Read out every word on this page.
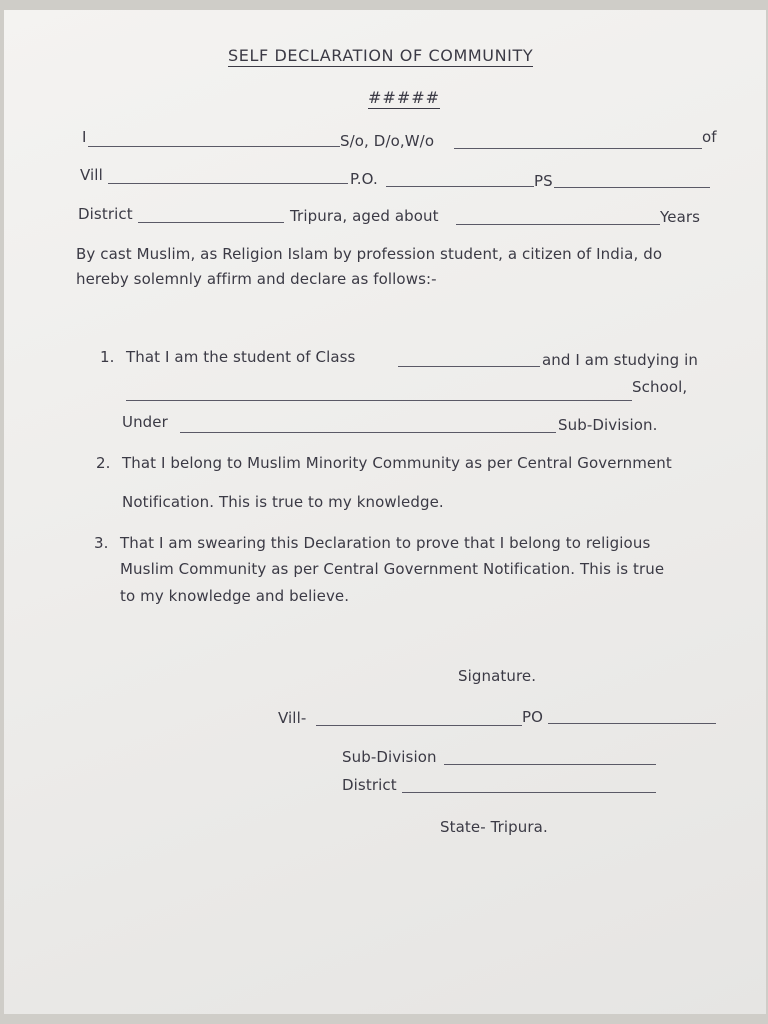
SELF DECLARATION OF COMMUNITY
#####
I	S/o, D/o,W/o	of
Vill	P.O.	PS
District	Tripura, aged about	Years
By cast Muslim, as Religion Islam by profession student, a citizen of India, do
hereby solemnly affirm and declare as follows:-
1. That I am the student of Class	and I am studying in
School,
Under	Sub-Division.
2. That I belong to Muslim Minority Community as per Central Government
Notification. This is true to my knowledge.
3. That I am swearing this Declaration to prove that I belong to religious
Muslim Community as per Central Government Notification. This is true
to my knowledge and believe.
Signature.
Vill-	PO
Sub-Division
District
State- Tripura.
